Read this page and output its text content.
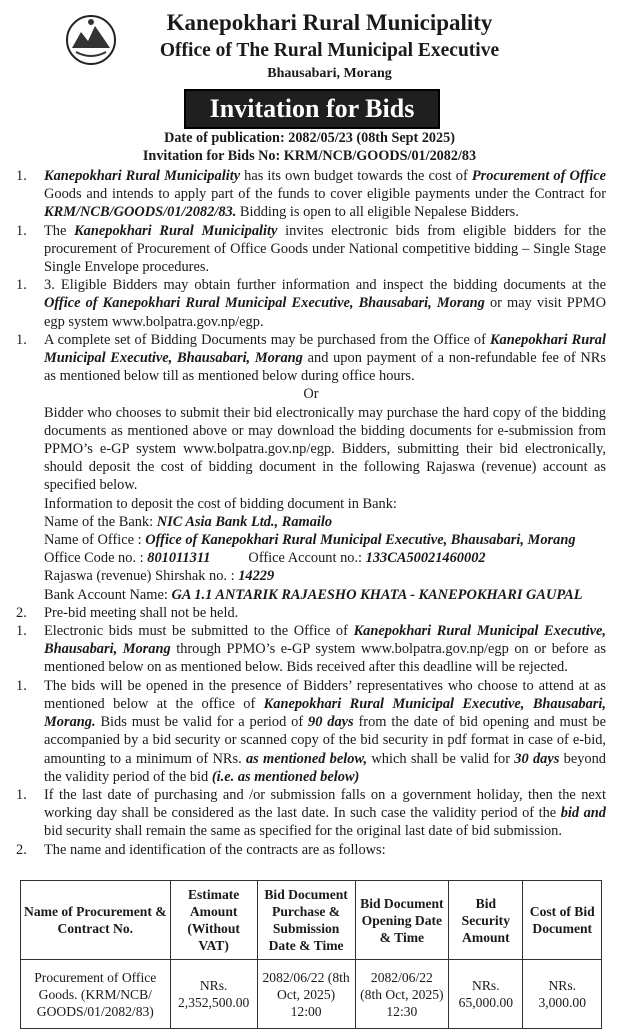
Kanepokhari Rural Municipality
Office of The Rural Municipal Executive
Bhausabari, Morang
Invitation for Bids
Date of publication: 2082/05/23 (08th Sept 2025)
Invitation for Bids No: KRM/NCB/GOODS/01/2082/83
1.	Kanepokhari Rural Municipality has its own budget towards the cost of Procurement of Office Goods and intends to apply part of the funds to cover eligible payments under the Contract for KRM/NCB/GOODS/01/2082/83. Bidding is open to all eligible Nepalese Bidders.
1.	The Kanepokhari Rural Municipality invites electronic bids from eligible bidders for the procurement of Procurement of Office Goods under National competitive bidding – Single Stage Single Envelope procedures.
1.	3. Eligible Bidders may obtain further information and inspect the bidding documents at the Office of Kanepokhari Rural Municipal Executive, Bhausabari, Morang or may visit PPMO egp system www.bolpatra.gov.np/egp.
1.	A complete set of Bidding Documents may be purchased from the Office of Kanepokhari Rural Municipal Executive, Bhausabari, Morang and upon payment of a non-refundable fee of NRs as mentioned below till as mentioned below during office hours.
Or
Bidder who chooses to submit their bid electronically may purchase the hard copy of the bidding documents as mentioned above or may download the bidding documents for e-submission from PPMO’s e-GP system www.bolpatra.gov.np/egp. Bidders, submitting their bid electronically, should deposit the cost of bidding document in the following Rajaswa (revenue) account as specified below.
Information to deposit the cost of bidding document in Bank:
Name of the Bank: NIC Asia Bank Ltd., Ramailo
Name of Office : Office of Kanepokhari Rural Municipal Executive, Bhausabari, Morang
Office Code no. : 801011311	Office Account no.: 133CA50021460002
Rajaswa (revenue) Shirshak no. : 14229
Bank Account Name: GA 1.1 ANTARIK RAJAESHO KHATA - KANEPOKHARI GAUPAL
2.	Pre-bid meeting shall not be held.
1.	Electronic bids must be submitted to the Office of Kanepokhari Rural Municipal Executive, Bhausabari, Morang through PPMO’s e-GP system www.bolpatra.gov.np/egp on or before as mentioned below on as mentioned below. Bids received after this deadline will be rejected.
1.	The bids will be opened in the presence of Bidders’ representatives who choose to attend at as mentioned below at the office of Kanepokhari Rural Municipal Executive, Bhausabari, Morang. Bids must be valid for a period of 90 days from the date of bid opening and must be accompanied by a bid security or scanned copy of the bid security in pdf format in case of e-bid, amounting to a minimum of NRs. as mentioned below, which shall be valid for 30 days beyond the validity period of the bid (i.e. as mentioned below)
1.	If the last date of purchasing and /or submission falls on a government holiday, then the next working day shall be considered as the last date. In such case the validity period of the bid and bid security shall remain the same as specified for the original last date of bid submission.
2.	The name and identification of the contracts are as follows:
Name of Procurement & Contract No.	Estimate Amount (Without VAT)	Bid Document Purchase & Submission Date & Time	Bid Document Opening Date & Time	Bid Security Amount	Cost of Bid Document
Procurement of Office Goods. (KRM/NCB/ GOODS/01/2082/83)	NRs. 2,352,500.00	2082/06/22 (8th Oct, 2025) 12:00	2082/06/22 (8th Oct, 2025) 12:30	NRs. 65,000.00	NRs. 3,000.00
